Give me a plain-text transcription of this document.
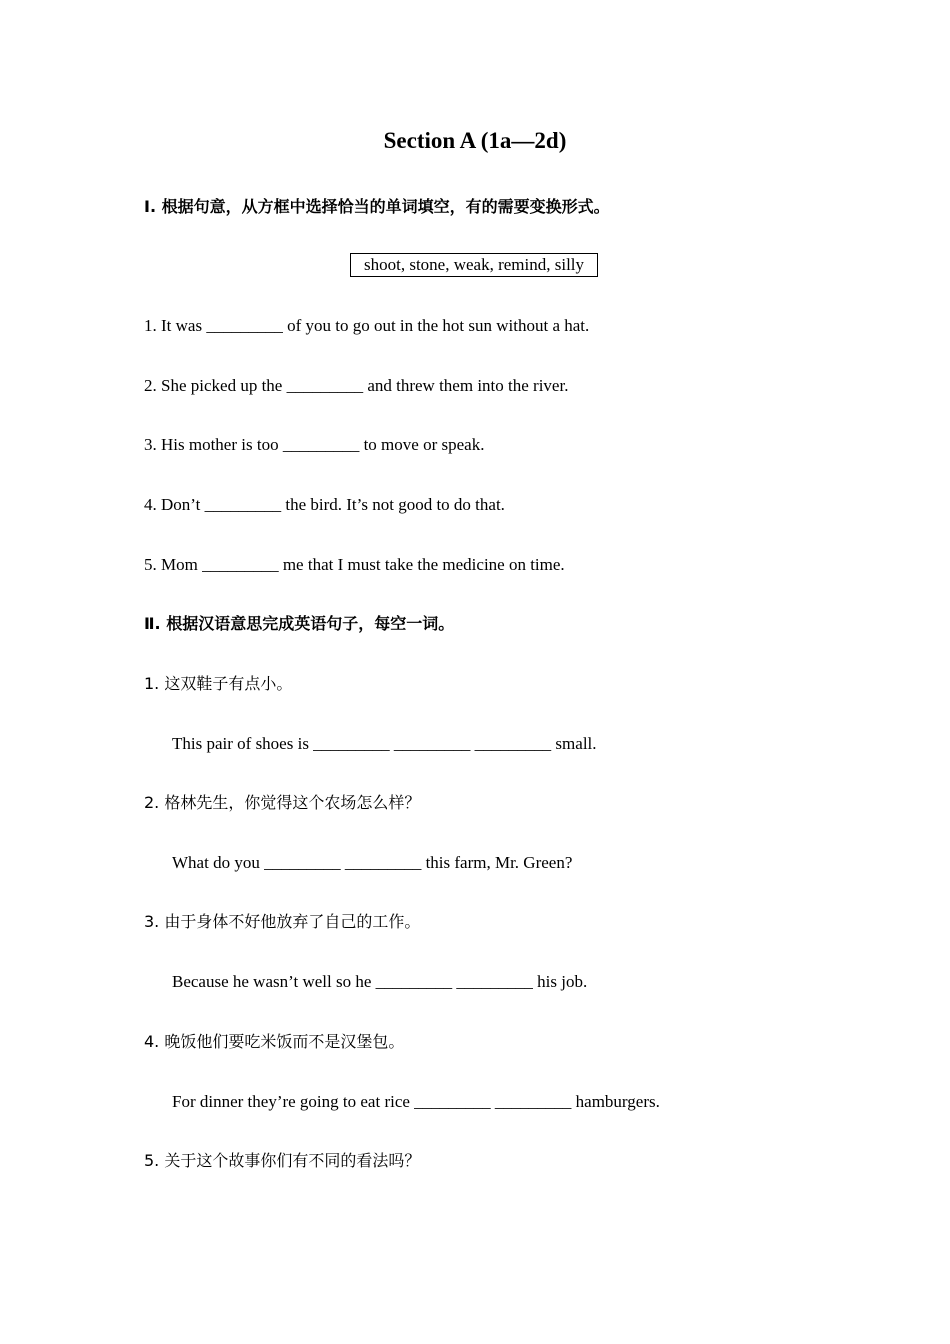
Section A (1a—2d)
Ⅰ. 根据句意，从方框中选择恰当的单词填空，有的需要变换形式。
shoot, stone, weak, remind, silly
1. It was _________ of you to go out in the hot sun without a hat.
2. She picked up the _________ and threw them into the river.
3. His mother is too _________ to move or speak.
4. Don’t _________ the bird. It’s not good to do that.
5. Mom _________ me that I must take the medicine on time.
Ⅱ. 根据汉语意思完成英语句子，每空一词。
1. 这双鞋子有点小。
This pair of shoes is _________ _________ _________ small.
2. 格林先生，你觉得这个农场怎么样？
What do you _________ _________ this farm, Mr. Green?
3. 由于身体不好他放弃了自己的工作。
Because he wasn’t well so he _________ _________ his job.
4. 晚饭他们要吃米饭而不是汉堡包。
For dinner they’re going to eat rice _________ _________ hamburgers.
5. 关于这个故事你们有不同的看法吗？
